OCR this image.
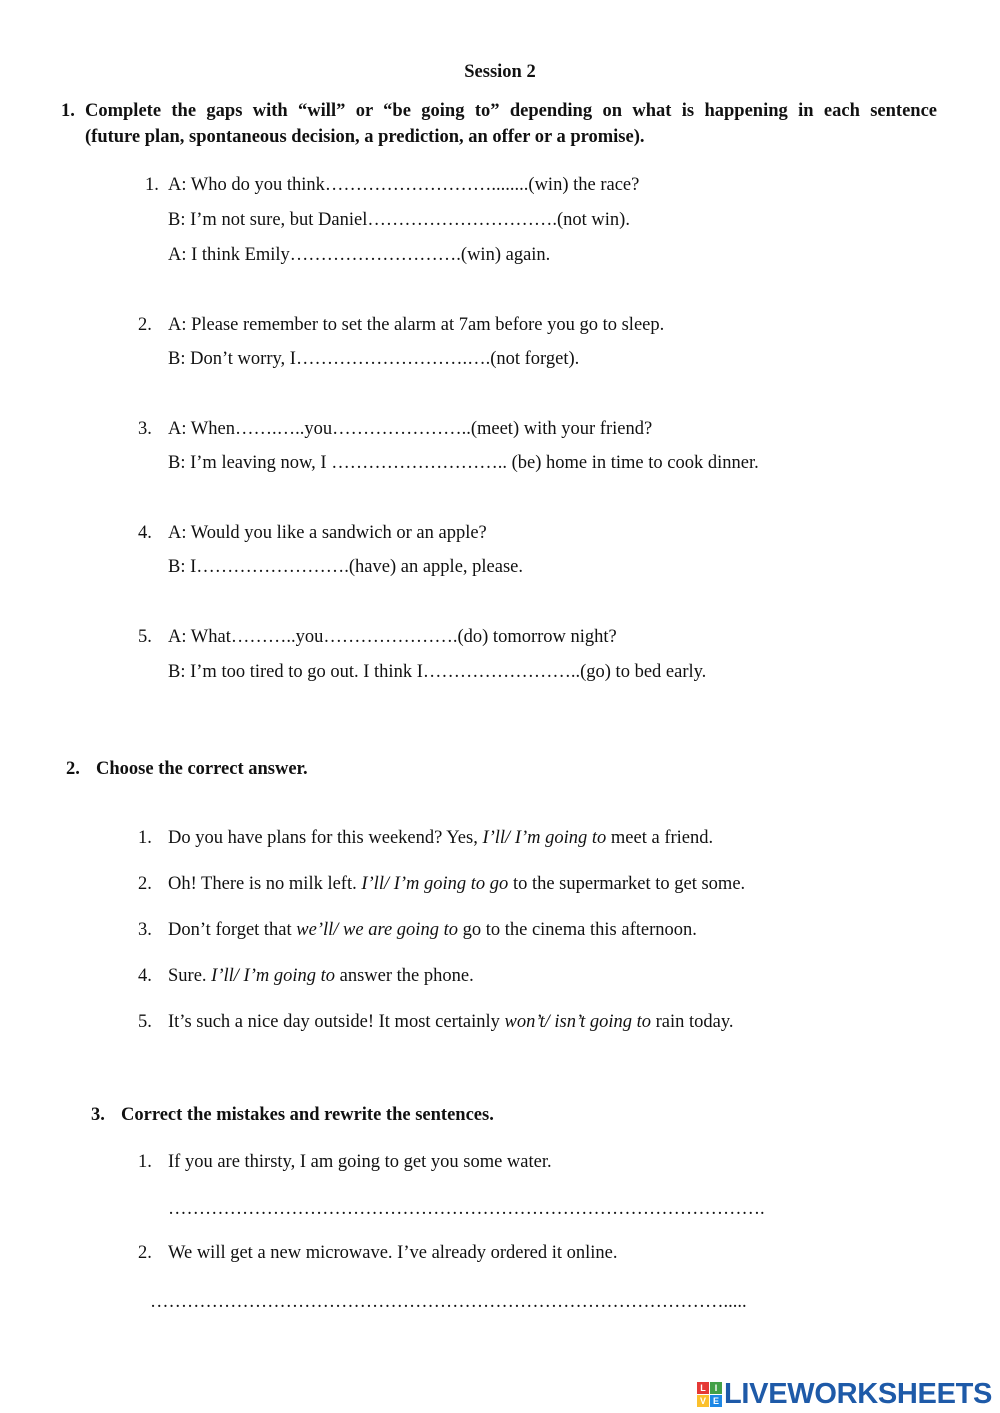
Session 2
1. Complete the gaps with “will” or “be going to” depending on what is happening in each sentence
(future plan, spontaneous decision, a prediction, an offer or a promise).
1. A: Who do you think………………………........(win) the race?
B: I’m not sure, but Daniel………………………….(not win).
A: I think Emily……………………….(win) again.
2. A: Please remember to set the alarm at 7am before you go to sleep.
B: Don’t worry, I……………………….….(not forget).
3. A: When…….…..you…………………..(meet) with your friend?
B: I’m leaving now, I ……………………….. (be) home in time to cook dinner.
4. A: Would you like a sandwich or an apple?
B: I…………………….(have) an apple, please.
5. A: What………..you………………….(do) tomorrow night?
B: I’m too tired to go out. I think I……………………..(go) to bed early.
2. Choose the correct answer.
1. Do you have plans for this weekend? Yes, I’ll/ I’m going to meet a friend.
2. Oh! There is no milk left. I’ll/ I’m going to go to the supermarket to get some.
3. Don’t forget that we’ll/ we are going to go to the cinema this afternoon.
4. Sure. I’ll/ I’m going to answer the phone.
5. It’s such a nice day outside! It most certainly won’t/ isn’t going to rain today.
3. Correct the mistakes and rewrite the sentences.
1. If you are thirsty, I am going to get you some water.
…………………………………………………………………………………….
2. We will get a new microwave. I’ve already ordered it online.
………………………………………………………………………………….....
L I
V E LIVEWORKSHEETS
